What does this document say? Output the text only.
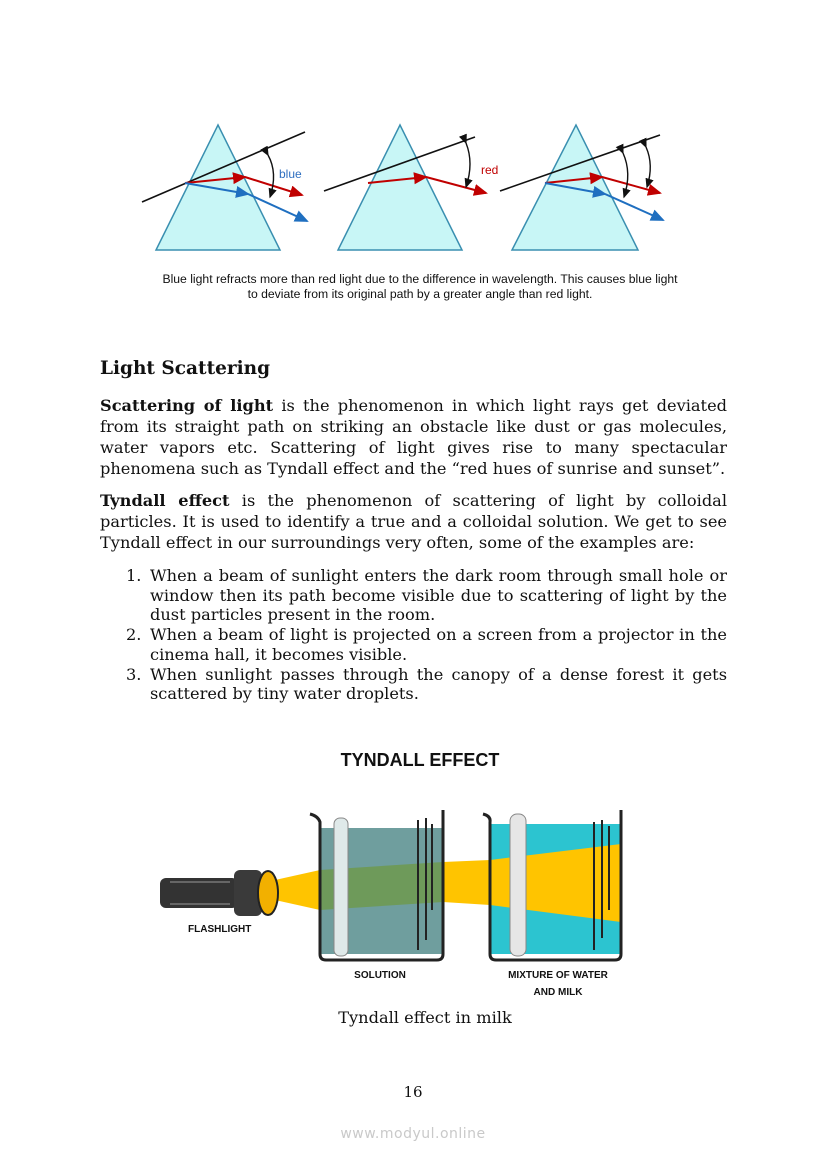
blue	red
Blue light refracts more than red light due to the difference in wavelength. This causes blue light
to deviate from its original path by a greater angle than red light.
Light Scattering

Scattering of light is the phenomenon in which light rays get deviated from its straight path on striking an obstacle like dust or gas molecules, water vapors etc. Scattering of light gives rise to many spectacular phenomena such as Tyndall effect and the “red hues of sunrise and sunset”.

Tyndall effect is the phenomenon of scattering of light by colloidal particles. It is used to identify a true and a colloidal solution. We get to see Tyndall effect in our surroundings very often, some of the examples are:

1. When a beam of sunlight enters the dark room through small hole or window then its path become visible due to scattering of light by the dust particles present in the room.
2. When a beam of light is projected on a screen from a projector in the cinema hall, it becomes visible.
3. When sunlight passes through the canopy of a dense forest it gets scattered by tiny water droplets.
TYNDALL EFFECT
FLASHLIGHT
SOLUTION	MIXTURE OF WATER
AND MILK
Tyndall effect in milk
16
www.modyul.online
